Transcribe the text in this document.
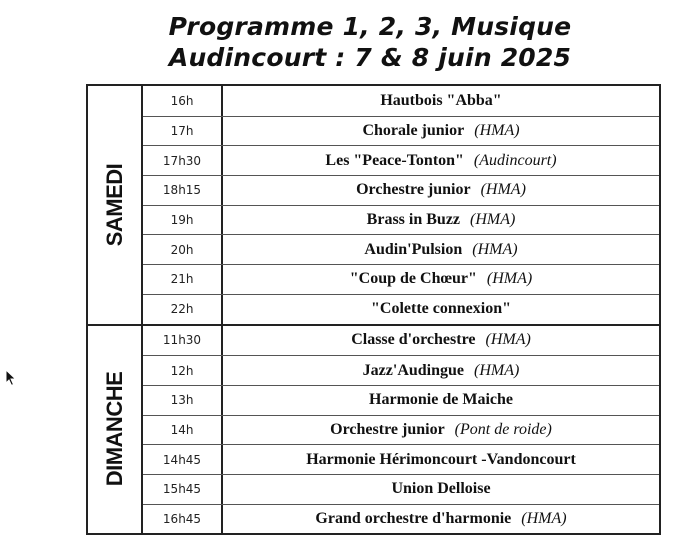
Programme 1, 2, 3, Musique
Audincourt : 7 & 8 juin 2025
SAMEDI
16h	Hautbois "Abba"
17h	Chorale junior (HMA)
17h30	Les "Peace-Tonton" (Audincourt)
18h15	Orchestre junior (HMA)
19h	Brass in Buzz (HMA)
20h	Audin'Pulsion (HMA)
21h	"Coup de Chœur" (HMA)
22h	"Colette connexion"
DIMANCHE
11h30	Classe d'orchestre (HMA)
12h	Jazz'Audingue (HMA)
13h	Harmonie de Maiche
14h	Orchestre junior (Pont de roide)
14h45	Harmonie Hérimoncourt -Vandoncourt
15h45	Union Delloise
16h45	Grand orchestre d'harmonie (HMA)
